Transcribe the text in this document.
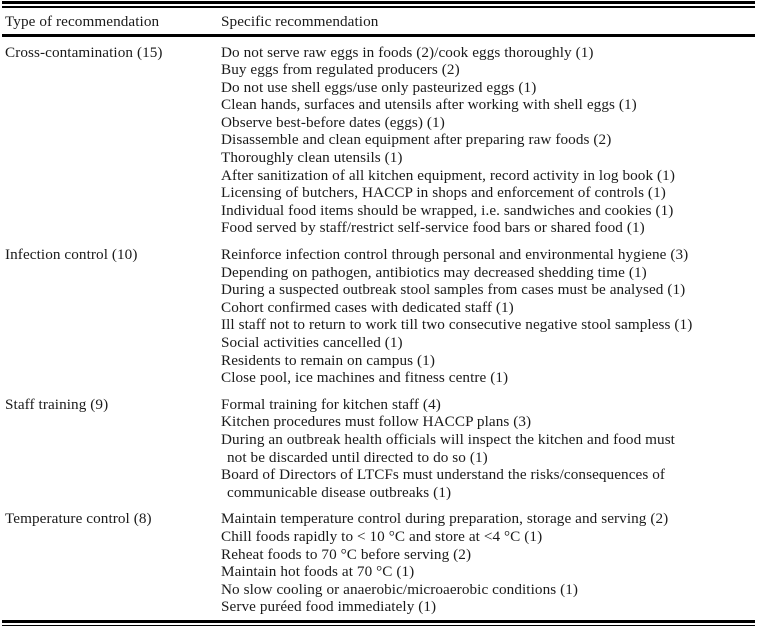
Type of recommendation	Specific recommendation
Cross-contamination (15)	Do not serve raw eggs in foods (2)/cook eggs thoroughly (1)
Buy eggs from regulated producers (2)
Do not use shell eggs/use only pasteurized eggs (1)
Clean hands, surfaces and utensils after working with shell eggs (1)
Observe best-before dates (eggs) (1)
Disassemble and clean equipment after preparing raw foods (2)
Thoroughly clean utensils (1)
After sanitization of all kitchen equipment, record activity in log book (1)
Licensing of butchers, HACCP in shops and enforcement of controls (1)
Individual food items should be wrapped, i.e. sandwiches and cookies (1)
Food served by staff/restrict self-service food bars or shared food (1)
Infection control (10)	Reinforce infection control through personal and environmental hygiene (3)
Depending on pathogen, antibiotics may decreased shedding time (1)
During a suspected outbreak stool samples from cases must be analysed (1)
Cohort confirmed cases with dedicated staff (1)
Ill staff not to return to work till two consecutive negative stool sampless (1)
Social activities cancelled (1)
Residents to remain on campus (1)
Close pool, ice machines and fitness centre (1)
Staff training (9)	Formal training for kitchen staff (4)
Kitchen procedures must follow HACCP plans (3)
During an outbreak health officials will inspect the kitchen and food must
not be discarded until directed to do so (1)
Board of Directors of LTCFs must understand the risks/consequences of
communicable disease outbreaks (1)
Temperature control (8)	Maintain temperature control during preparation, storage and serving (2)
Chill foods rapidly to < 10 °C and store at <4 °C (1)
Reheat foods to 70 °C before serving (2)
Maintain hot foods at 70 °C (1)
No slow cooling or anaerobic/microaerobic conditions (1)
Serve puréed food immediately (1)
